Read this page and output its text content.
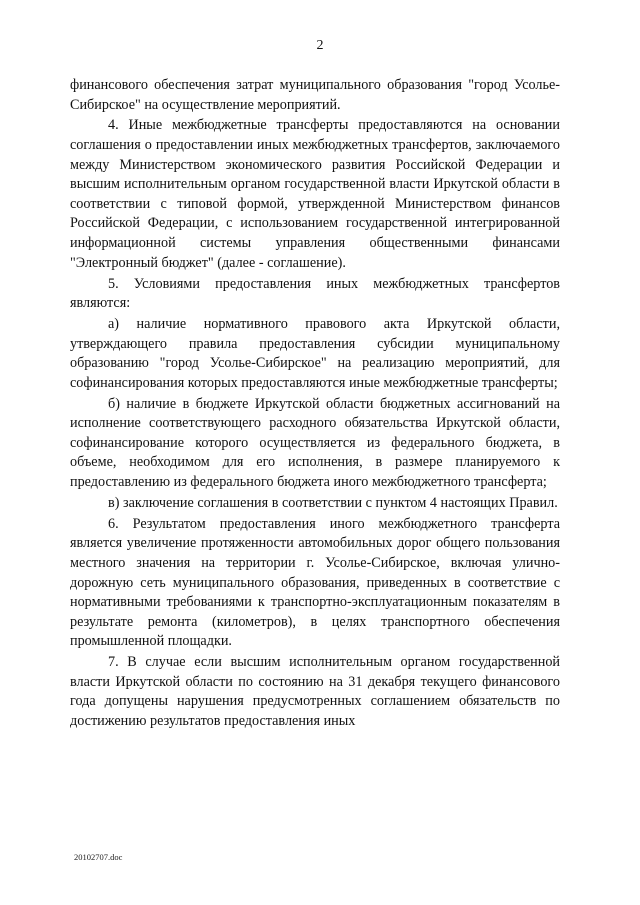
2

финансового обеспечения затрат муниципального образования "город Усолье-Сибирское" на осуществление мероприятий.

4. Иные межбюджетные трансферты предоставляются на основании соглашения о предоставлении иных межбюджетных трансфертов, заключаемого между Министерством экономического развития Российской Федерации и высшим исполнительным органом государственной власти Иркутской области в соответствии с типовой формой, утвержденной Министерством финансов Российской Федерации, с использованием государственной интегрированной информационной системы управления общественными финансами "Электронный бюджет" (далее - соглашение).

5. Условиями предоставления иных межбюджетных трансфертов являются:

а) наличие нормативного правового акта Иркутской области, утверждающего правила предоставления субсидии муниципальному образованию "город Усолье-Сибирское" на реализацию мероприятий, для софинансирования которых предоставляются иные межбюджетные трансферты;

б) наличие в бюджете Иркутской области бюджетных ассигнований на исполнение соответствующего расходного обязательства Иркутской области, софинансирование которого осуществляется из федерального бюджета, в объеме, необходимом для его исполнения, в размере планируемого к предоставлению из федерального бюджета иного межбюджетного трансферта;

в) заключение соглашения в соответствии с пунктом 4 настоящих Правил.

6. Результатом предоставления иного межбюджетного трансферта является увеличение протяженности автомобильных дорог общего пользования местного значения на территории г. Усолье-Сибирское, включая улично-дорожную сеть муниципального образования, приведенных в соответствие с нормативными требованиями к транспортно-эксплуатационным показателям в результате ремонта (километров), в целях транспортного обеспечения промышленной площадки.

7. В случае если высшим исполнительным органом государственной власти Иркутской области по состоянию на 31 декабря текущего финансового года допущены нарушения предусмотренных соглашением обязательств по достижению результатов предоставления иных

20102707.doc
